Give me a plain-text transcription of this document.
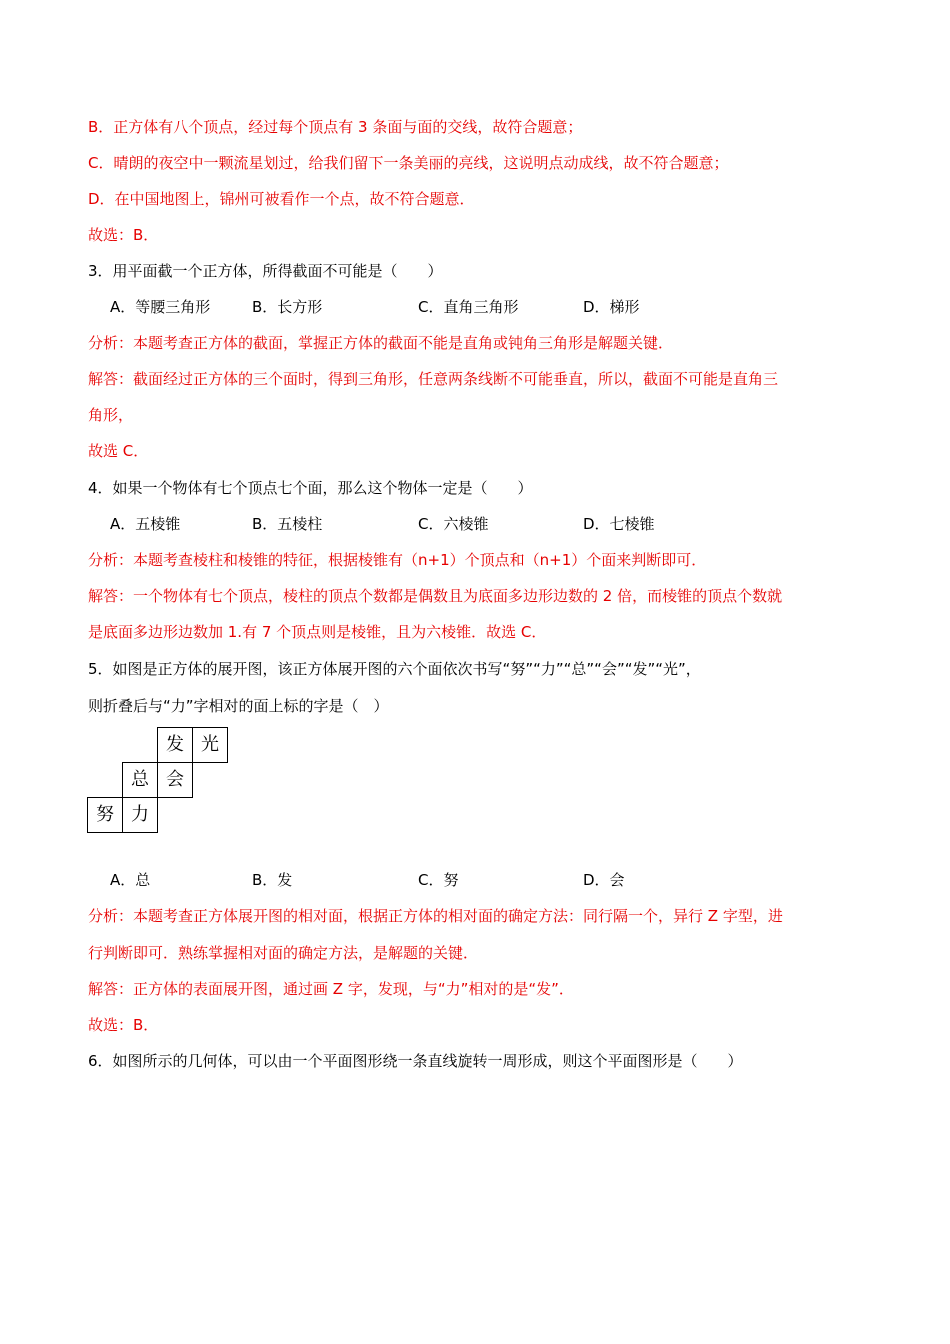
B．正方体有八个顶点，经过每个顶点有 3 条面与面的交线，故符合题意；
C．晴朗的夜空中一颗流星划过，给我们留下一条美丽的亮线，这说明点动成线，故不符合题意；
D．在中国地图上，锦州可被看作一个点，故不符合题意．
故选：B．
3．用平面截一个正方体，所得截面不可能是（　　）
A．等腰三角形	B．长方形	C．直角三角形	D．梯形
分析：本题考查正方体的截面，掌握正方体的截面不能是直角或钝角三角形是解题关键．
解答：截面经过正方体的三个面时，得到三角形，任意两条线断不可能垂直，所以，截面不可能是直角三
角形，
故选 C．
4．如果一个物体有七个顶点七个面，那么这个物体一定是（　　）
A．五棱锥	B．五棱柱	C．六棱锥	D．七棱锥
分析：本题考查棱柱和棱锥的特征，根据棱锥有（n+1）个顶点和（n+1）个面来判断即可．
解答：一个物体有七个顶点，棱柱的顶点个数都是偶数且为底面多边形边数的 2 倍，而棱锥的顶点个数就
是底面多边形边数加 1.有 7 个顶点则是棱锥，且为六棱锥．故选 C．
5．如图是正方体的展开图，该正方体展开图的六个面依次书写“努”“力”“总”“会”“发”“光”，
则折叠后与“力”字相对的面上标的字是（　）
发 光
总 会
努 力
A．总	B．发	C．努	D．会
分析：本题考查正方体展开图的相对面，根据正方体的相对面的确定方法：同行隔一个，异行 Z 字型，进
行判断即可．熟练掌握相对面的确定方法，是解题的关键．
解答：正方体的表面展开图，通过画 Z 字，发现，与“力”相对的是“发”．
故选：B．
6．如图所示的几何体，可以由一个平面图形绕一条直线旋转一周形成，则这个平面图形是（　　）
